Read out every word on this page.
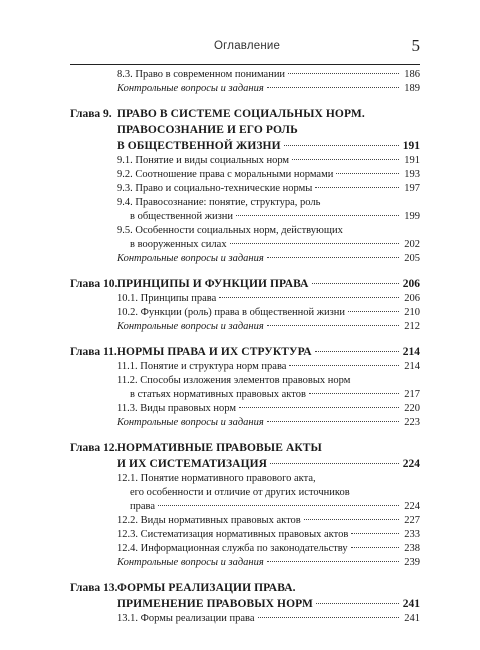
Оглавление	5
8.3. Право в современном понимании	186
Контрольные вопросы и задания	189
Глава 9. ПРАВО В СИСТЕМЕ СОЦИАЛЬНЫХ НОРМ.
ПРАВОСОЗНАНИЕ И ЕГО РОЛЬ
В ОБЩЕСТВЕННОЙ ЖИЗНИ	191
9.1. Понятие и виды социальных норм	191
9.2. Соотношение права с моральными нормами	193
9.3. Право и социально-технические нормы	197
9.4. Правосознание: понятие, структура, роль
в общественной жизни	199
9.5. Особенности социальных норм, действующих
в вооруженных силах	202
Контрольные вопросы и задания	205
Глава 10.ПРИНЦИПЫ И ФУНКЦИИ ПРАВА	206
10.1. Принципы права	206
10.2. Функции (роль) права в общественной жизни	210
Контрольные вопросы и задания	212
Глава 11.НОРМЫ ПРАВА И ИХ СТРУКТУРА	214
11.1. Понятие и структура норм права	214
11.2. Способы изложения элементов правовых норм
в статьях нормативных правовых актов	217
11.3. Виды правовых норм	220
Контрольные вопросы и задания	223
Глава 12.НОРМАТИВНЫЕ ПРАВОВЫЕ АКТЫ
И ИХ СИСТЕМАТИЗАЦИЯ	224
12.1. Понятие нормативного правового акта,
его особенности и отличие от других источников
права	224
12.2. Виды нормативных правовых актов	227
12.3. Систематизация нормативных правовых актов	233
12.4. Информационная служба по законодательству	238
Контрольные вопросы и задания	239
Глава 13.ФОРМЫ РЕАЛИЗАЦИИ ПРАВА.
ПРИМЕНЕНИЕ ПРАВОВЫХ НОРМ	241
13.1. Формы реализации права	241
